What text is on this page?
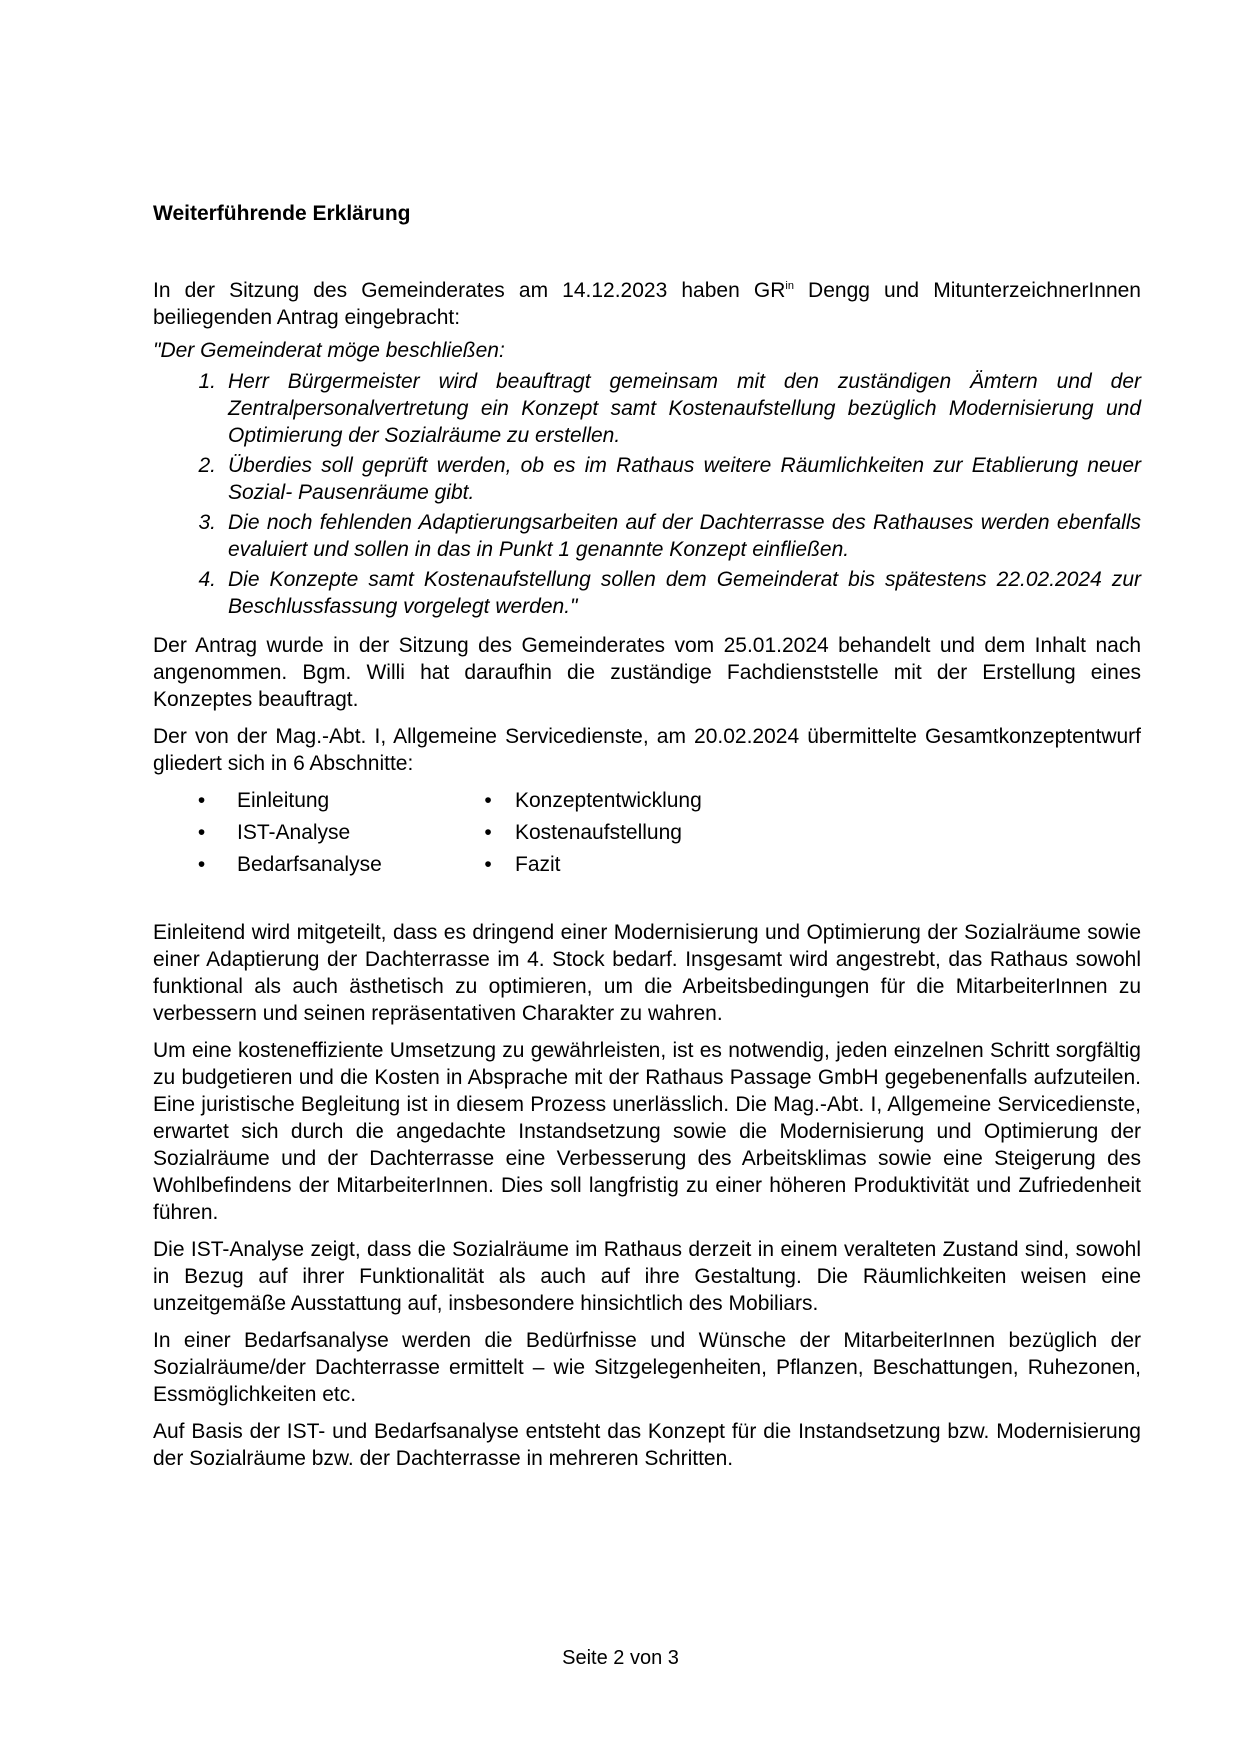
Weiterführende Erklärung

In der Sitzung des Gemeinderates am 14.12.2023 haben $GR^{in}$ Dengg und MitunterzeichnerInnen beiliegenden Antrag eingebracht:

"Der Gemeinderat möge beschließen:
1. Herr Bürgermeister wird beauftragt gemeinsam mit den zuständigen Ämtern und der Zentralpersonalvertretung ein Konzept samt Kostenaufstellung bezüglich Modernisierung und Optimierung der Sozialräume zu erstellen.
2. Überdies soll geprüft werden, ob es im Rathaus weitere Räumlichkeiten zur Etablierung neuer Sozial- Pausenräume gibt.
3. Die noch fehlenden Adaptierungsarbeiten auf der Dachterrasse des Rathauses werden ebenfalls evaluiert und sollen in das in Punkt 1 genannte Konzept einfließen.
4. Die Konzepte samt Kostenaufstellung sollen dem Gemeinderat bis spätestens 22.02.2024 zur Beschlussfassung vorgelegt werden."

Der Antrag wurde in der Sitzung des Gemeinderates vom 25.01.2024 behandelt und dem Inhalt nach angenommen. Bgm. Willi hat daraufhin die zuständige Fachdienststelle mit der Erstellung eines Konzeptes beauftragt.

Der von der Mag.-Abt. I, Allgemeine Servicedienste, am 20.02.2024 übermittelte Gesamtkonzeptentwurf gliedert sich in 6 Abschnitte:

•	Einleitung
•	IST-Analyse
•	Bedarfsanalyse
•	Konzeptentwicklung
•	Kostenaufstellung
•	Fazit

Einleitend wird mitgeteilt, dass es dringend einer Modernisierung und Optimierung der Sozialräume sowie einer Adaptierung der Dachterrasse im 4. Stock bedarf. Insgesamt wird angestrebt, das Rathaus sowohl funktional als auch ästhetisch zu optimieren, um die Arbeitsbedingungen für die MitarbeiterInnen zu verbessern und seinen repräsentativen Charakter zu wahren.

Um eine kosteneffiziente Umsetzung zu gewährleisten, ist es notwendig, jeden einzelnen Schritt sorgfältig zu budgetieren und die Kosten in Absprache mit der Rathaus Passage GmbH gegebenenfalls aufzuteilen. Eine juristische Begleitung ist in diesem Prozess unerlässlich. Die Mag.-Abt. I, Allgemeine Servicedienste, erwartet sich durch die angedachte Instandsetzung sowie die Modernisierung und Optimierung der Sozialräume und der Dachterrasse eine Verbesserung des Arbeitsklimas sowie eine Steigerung des Wohlbefindens der MitarbeiterInnen. Dies soll langfristig zu einer höheren Produktivität und Zufriedenheit führen.

Die IST-Analyse zeigt, dass die Sozialräume im Rathaus derzeit in einem veralteten Zustand sind, sowohl in Bezug auf ihrer Funktionalität als auch auf ihre Gestaltung. Die Räumlichkeiten weisen eine unzeitgemäße Ausstattung auf, insbesondere hinsichtlich des Mobiliars.

In einer Bedarfsanalyse werden die Bedürfnisse und Wünsche der MitarbeiterInnen bezüglich der Sozialräume/der Dachterrasse ermittelt – wie Sitzgelegenheiten, Pflanzen, Beschattungen, Ruhezonen, Essmöglichkeiten etc.

Auf Basis der IST- und Bedarfsanalyse entsteht das Konzept für die Instandsetzung bzw. Modernisierung der Sozialräume bzw. der Dachterrasse in mehreren Schritten.

Seite 2 von 3
